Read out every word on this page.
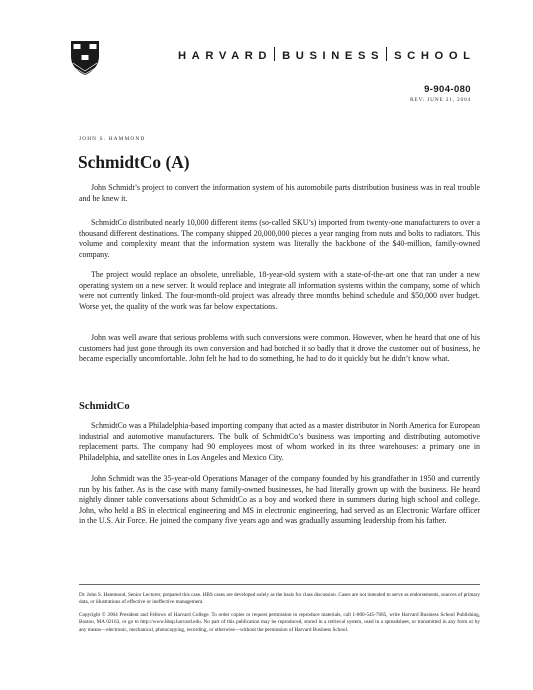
HARVARD BUSINESS SCHOOL
9-904-080
REV: JUNE 21, 2004
JOHN S. HAMMOND
SchmidtCo (A)

John Schmidt’s project to convert the information system of his automobile parts distribution business was in real trouble and he knew it.

SchmidtCo distributed nearly 10,000 different items (so-called SKU’s) imported from twenty-one manufacturers to over a thousand different destinations. The company shipped 20,000,000 pieces a year ranging from nuts and bolts to radiators. This volume and complexity meant that the information system was literally the backbone of the $40-million, family-owned company.

The project would replace an obsolete, unreliable, 18-year-old system with a state-of-the-art one that ran under a new operating system on a new server. It would replace and integrate all information systems within the company, some of which were not currently linked. The four-month-old project was already three months behind schedule and $50,000 over budget. Worse yet, the quality of the work was far below expectations.

John was well aware that serious problems with such conversions were common. However, when he heard that one of his customers had just gone through its own conversion and had botched it so badly that it drove the customer out of business, he became especially uncomfortable. John felt he had to do something, he had to do it quickly but he didn’t know what.

SchmidtCo

SchmidtCo was a Philadelphia-based importing company that acted as a master distributor in North America for European industrial and automotive manufacturers. The bulk of SchmidtCo’s business was importing and distributing automotive replacement parts. The company had 90 employees most of whom worked in its three warehouses: a primary one in Philadelphia, and satellite ones in Los Angeles and Mexico City.

John Schmidt was the 35-year-old Operations Manager of the company founded by his grandfather in 1950 and currently run by his father. As is the case with many family-owned businesses, he had literally grown up with the business. He heard nightly dinner table conversations about SchmidtCo as a boy and worked there in summers during high school and college. John, who held a BS in electrical engineering and MS in electronic engineering, had served as an Electronic Warfare officer in the U.S. Air Force. He joined the company five years ago and was gradually assuming leadership from his father.

Dr. John S. Hammond, Senior Lecturer, prepared this case. HBS cases are developed solely as the basis for class discussion. Cases are not intended to serve as endorsements, sources of primary data, or illustrations of effective or ineffective management.

Copyright © 2004 President and Fellows of Harvard College. To order copies or request permission to reproduce materials, call 1-800-545-7685, write Harvard Business School Publishing, Boston, MA 02163, or go to http://www.hbsp.harvard.edu. No part of this publication may be reproduced, stored in a retrieval system, used in a spreadsheet, or transmitted in any form or by any means—electronic, mechanical, photocopying, recording, or otherwise—without the permission of Harvard Business School.
